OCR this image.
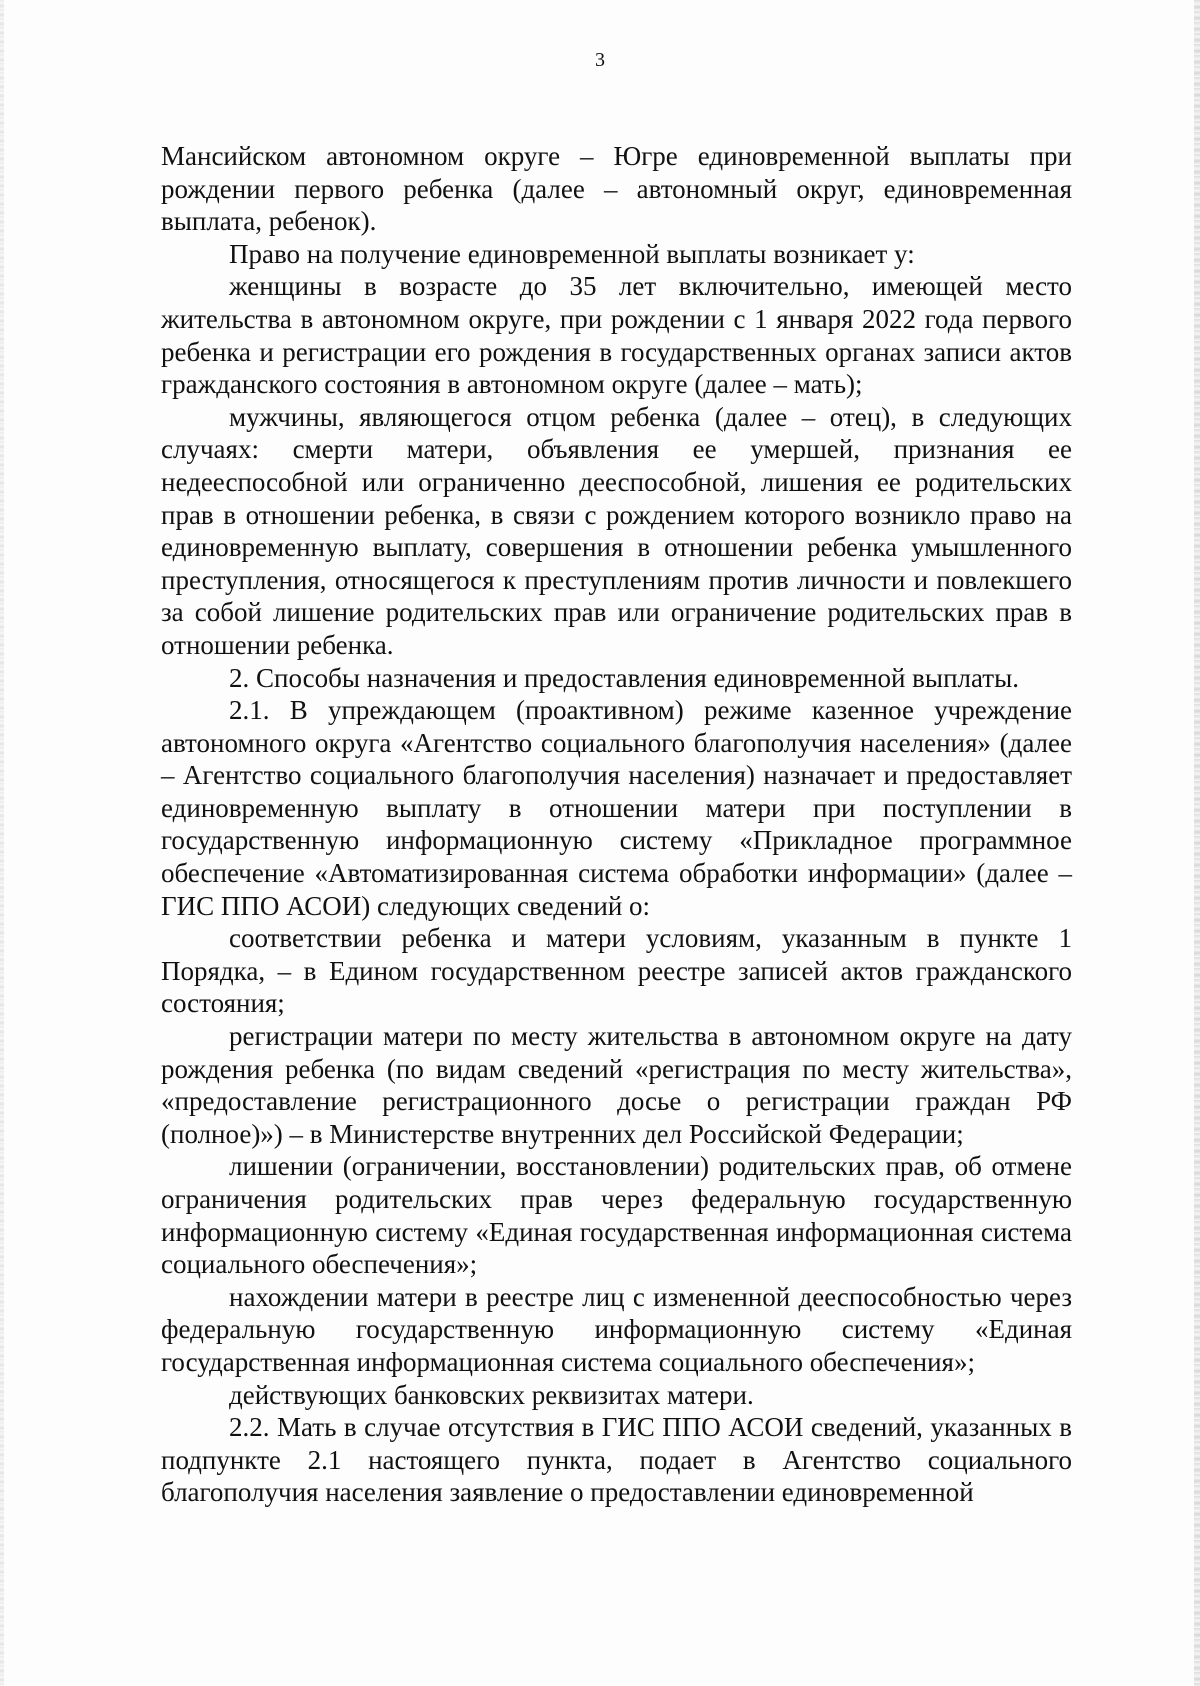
3

Мансийском автономном округе – Югре единовременной выплаты при рождении первого ребенка (далее – автономный округ, единовременная выплата, ребенок).

Право на получение единовременной выплаты возникает у:

женщины в возрасте до 35 лет включительно, имеющей место жительства в автономном округе, при рождении с 1 января 2022 года первого ребенка и регистрации его рождения в государственных органах записи актов гражданского состояния в автономном округе (далее – мать);

мужчины, являющегося отцом ребенка (далее – отец), в следующих случаях: смерти матери, объявления ее умершей, признания ее недееспособной или ограниченно дееспособной, лишения ее родительских прав в отношении ребенка, в связи с рождением которого возникло право на единовременную выплату, совершения в отношении ребенка умышленного преступления, относящегося к преступлениям против личности и повлекшего за собой лишение родительских прав или ограничение родительских прав в отношении ребенка.

2. Способы назначения и предоставления единовременной выплаты.

2.1. В упреждающем (проактивном) режиме казенное учреждение автономного округа «Агентство социального благополучия населения» (далее – Агентство социального благополучия населения) назначает и предоставляет единовременную выплату в отношении матери при поступлении в государственную информационную систему «Прикладное программное обеспечение «Автоматизированная система обработки информации» (далее – ГИС ППО АСОИ) следующих сведений о:

соответствии ребенка и матери условиям, указанным в пункте 1 Порядка, – в Едином государственном реестре записей актов гражданского состояния;

регистрации матери по месту жительства в автономном округе на дату рождения ребенка (по видам сведений «регистрация по месту жительства», «предоставление регистрационного досье о регистрации граждан РФ (полное)») – в Министерстве внутренних дел Российской Федерации;

лишении (ограничении, восстановлении) родительских прав, об отмене ограничения родительских прав через федеральную государственную информационную систему «Единая государственная информационная система социального обеспечения»;

нахождении матери в реестре лиц с измененной дееспособностью через федеральную государственную информационную систему «Единая государственная информационная система социального обеспечения»;

действующих банковских реквизитах матери.

2.2. Мать в случае отсутствия в ГИС ППО АСОИ сведений, указанных в подпункте 2.1 настоящего пункта, подает в Агентство социального благополучия населения заявление о предоставлении единовременной
